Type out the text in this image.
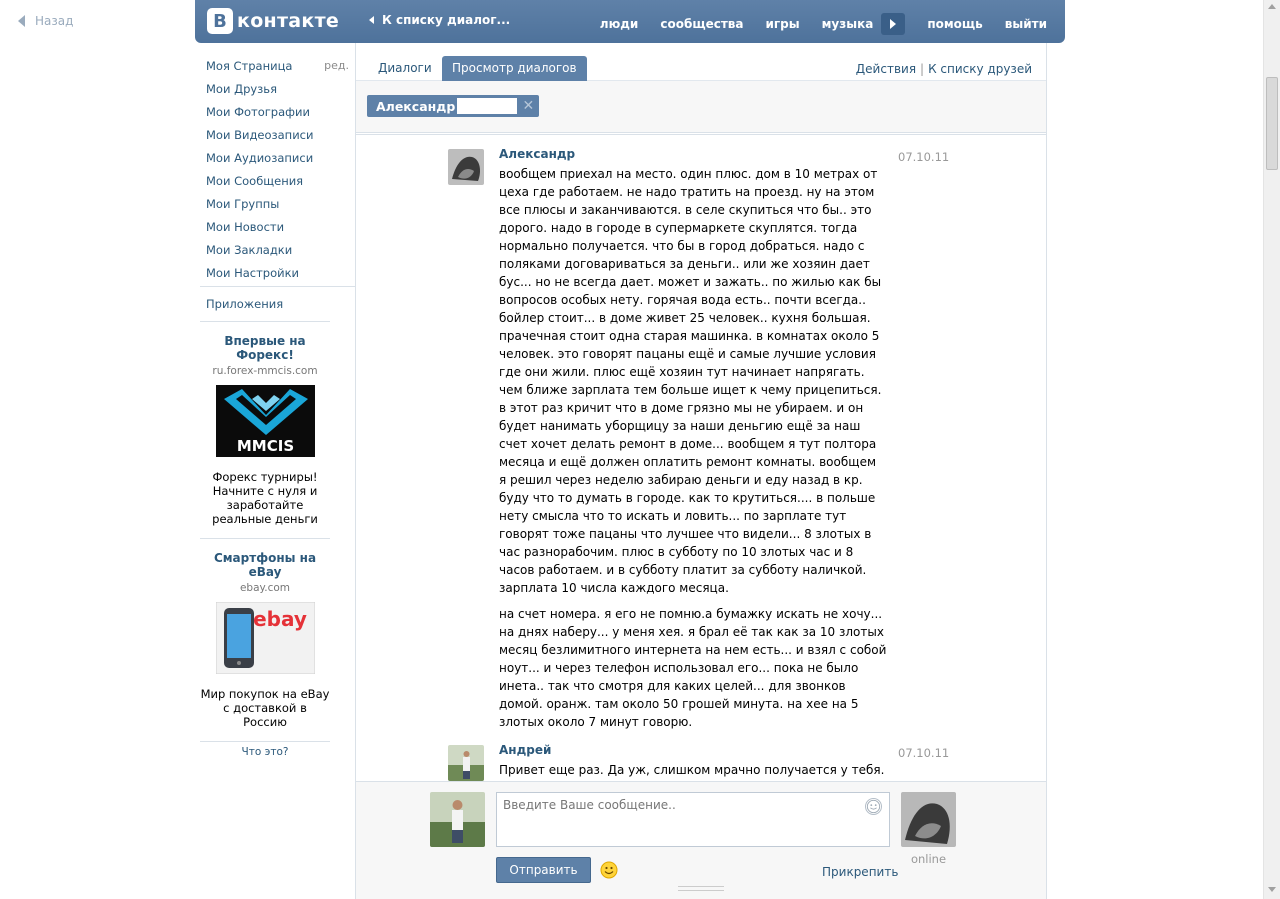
Назад	В контакте	К списку диалог...	люди сообщества игры музыка	помощь выйти
Моя Страница	ред.
Мои Друзья
Мои Фотографии
Мои Видеозаписи
Мои Аудиозаписи
Мои Сообщения
Мои Группы
Мои Новости
Мои Закладки
Мои Настройки
Приложения
Впервые на Форекс!
ru.forex-mmcis.com
MMCIS
Форекс турниры! Начните с нуля и заработайте реальные деньги
Смартфоны на eBay
ebay.com
ebay
Мир покупок на eBay с доставкой в Россию
Что это?
Диалоги	Просмотр диалогов	Действия | К списку друзей
Александр	✕
Александр	07.10.11

вообщем приехал на место. один плюс. дом в 10 метрах от цеха где работаем. не надо тратить на проезд. ну на этом все плюсы и заканчиваются. в селе скупиться что бы.. это дорого. надо в городе в супермаркете скуплятся. тогда нормально получается. что бы в город добраться. надо с поляками договариваться за деньги.. или же хозяин дает бус... но не всегда дает. может и зажать.. по жилью как бы вопросов особых нету. горячая вода есть.. почти всегда.. бойлер стоит... в доме живет 25 человек.. кухня большая. прачечная стоит одна старая машинка. в комнатах около 5 человек. это говорят пацаны ещё и самые лучшие условия где они жили. плюс ещё хозяин тут начинает напрягать. чем ближе зарплата тем больше ищет к чему прицепиться. в этот раз кричит что в доме грязно мы не убираем. и он будет нанимать уборщицу за наши деньгию ещё за наш счет хочет делать ремонт в доме... вообщем я тут полтора месяца и ещё должен оплатить ремонт комнаты. вообщем я решил через неделю забираю деньги и еду назад в кр. буду что то думать в городе. как то крутиться.... в польше нету смысла что то искать и ловить... по зарплате тут говорят тоже пацаны что лучшее что видели... 8 злотых в час разнорабочим. плюс в субботу по 10 злотых час и 8 часов работаем. и в субботу платит за субботу наличкой. зарплата 10 числа каждого месяца.

на счет номера. я его не помню.а бумажку искать не хочу... на днях наберу... у меня хея. я брал её так как за 10 злотых месяц безлимитного интернета на нем есть... и взял с собой ноут... и через телефон использовал его... пока не было инета.. так что смотря для каких целей... для звонков домой. оранж. там около 50 грошей минута. на хее на 5 злотых около 7 минут говорю.

Андрей	07.10.11

Привет еще раз. Да уж, слишком мрачно получается у тебя.

Введите Ваше сообщение..
Отправить	Прикрепить
online
